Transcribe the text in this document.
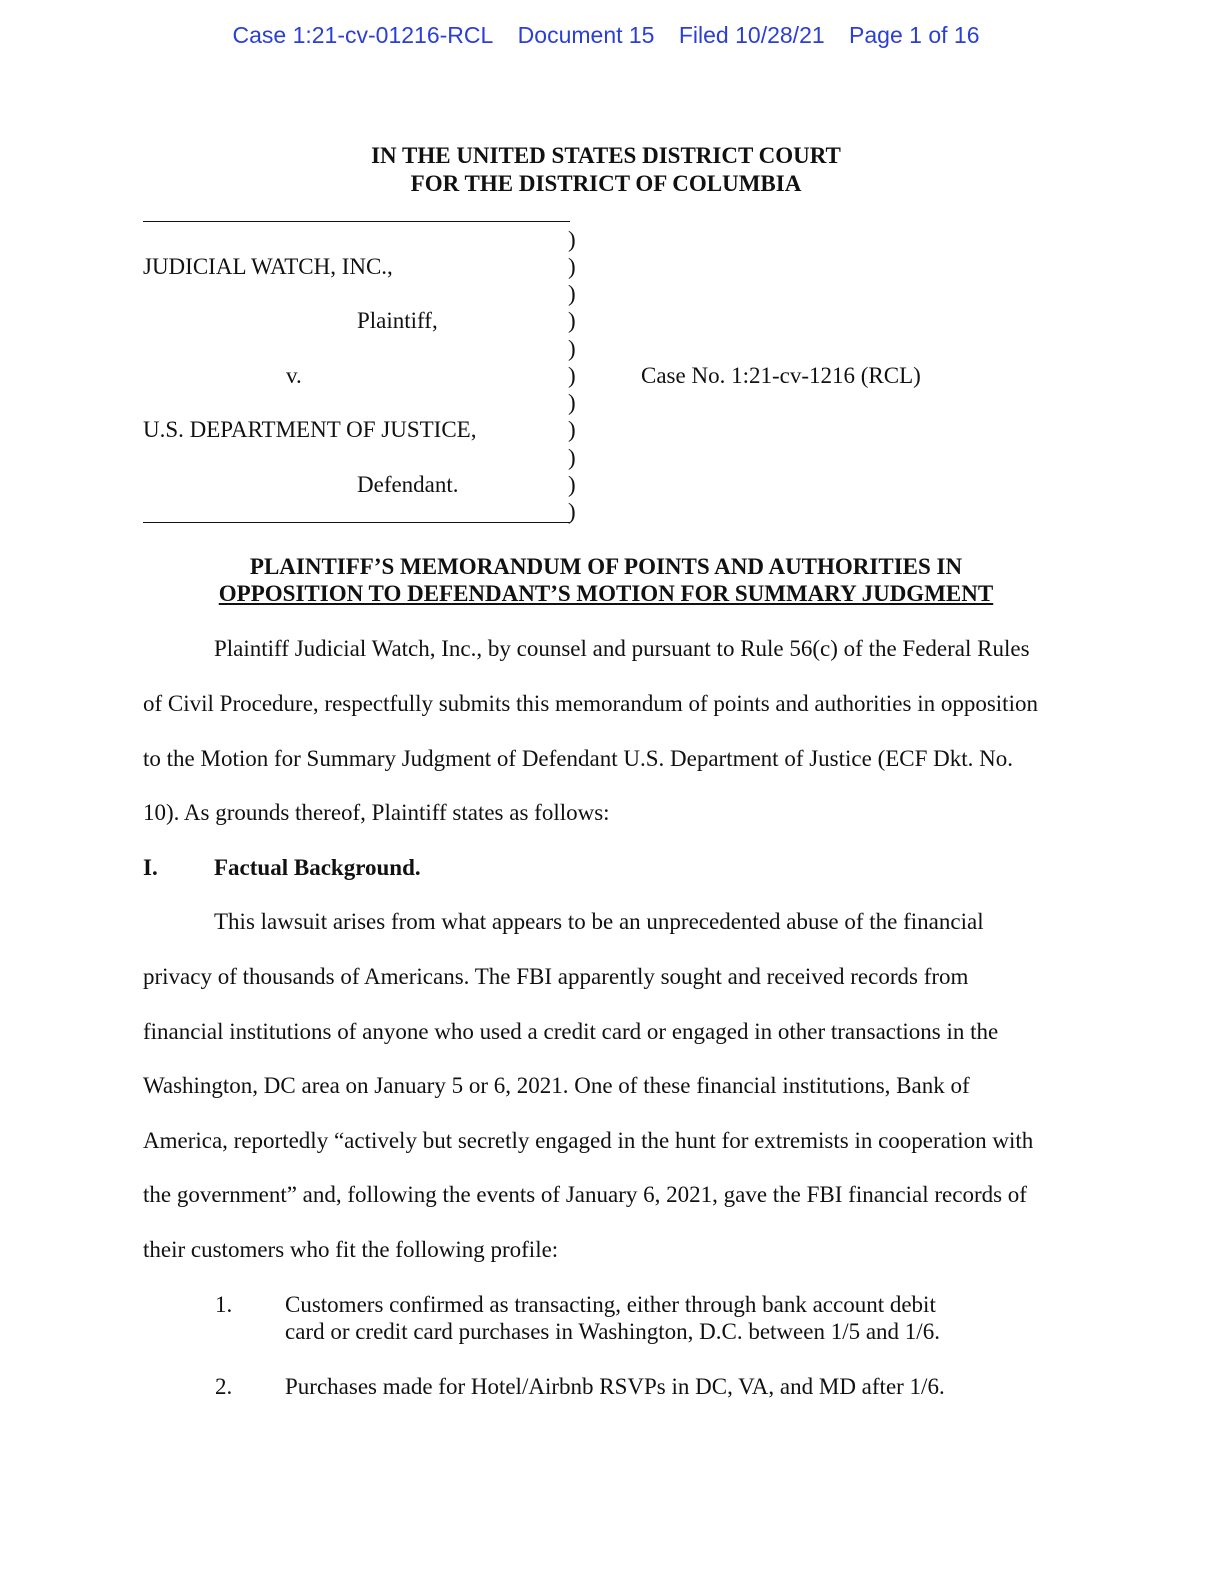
Case 1:21-cv-01216-RCL Document 15 Filed 10/28/21 Page 1 of 16
IN THE UNITED STATES DISTRICT COURT
FOR THE DISTRICT OF COLUMBIA
JUDICIAL WATCH, INC.,
Plaintiff,
v.
U.S. DEPARTMENT OF JUSTICE,
Defendant.
Case No. 1:21-cv-1216 (RCL)
)
)
)
)
)
)
)
)
)
)
)
PLAINTIFF’S MEMORANDUM OF POINTS AND AUTHORITIES IN
OPPOSITION TO DEFENDANT’S MOTION FOR SUMMARY JUDGMENT
Plaintiff Judicial Watch, Inc., by counsel and pursuant to Rule 56(c) of the Federal Rules
of Civil Procedure, respectfully submits this memorandum of points and authorities in opposition
to the Motion for Summary Judgment of Defendant U.S. Department of Justice (ECF Dkt. No.
10). As grounds thereof, Plaintiff states as follows:
I. Factual Background.
This lawsuit arises from what appears to be an unprecedented abuse of the financial
privacy of thousands of Americans. The FBI apparently sought and received records from
financial institutions of anyone who used a credit card or engaged in other transactions in the
Washington, DC area on January 5 or 6, 2021. One of these financial institutions, Bank of
America, reportedly “actively but secretly engaged in the hunt for extremists in cooperation with
the government” and, following the events of January 6, 2021, gave the FBI financial records of
their customers who fit the following profile:
1. Customers confirmed as transacting, either through bank account debit
card or credit card purchases in Washington, D.C. between 1/5 and 1/6.
2. Purchases made for Hotel/Airbnb RSVPs in DC, VA, and MD after 1/6.
